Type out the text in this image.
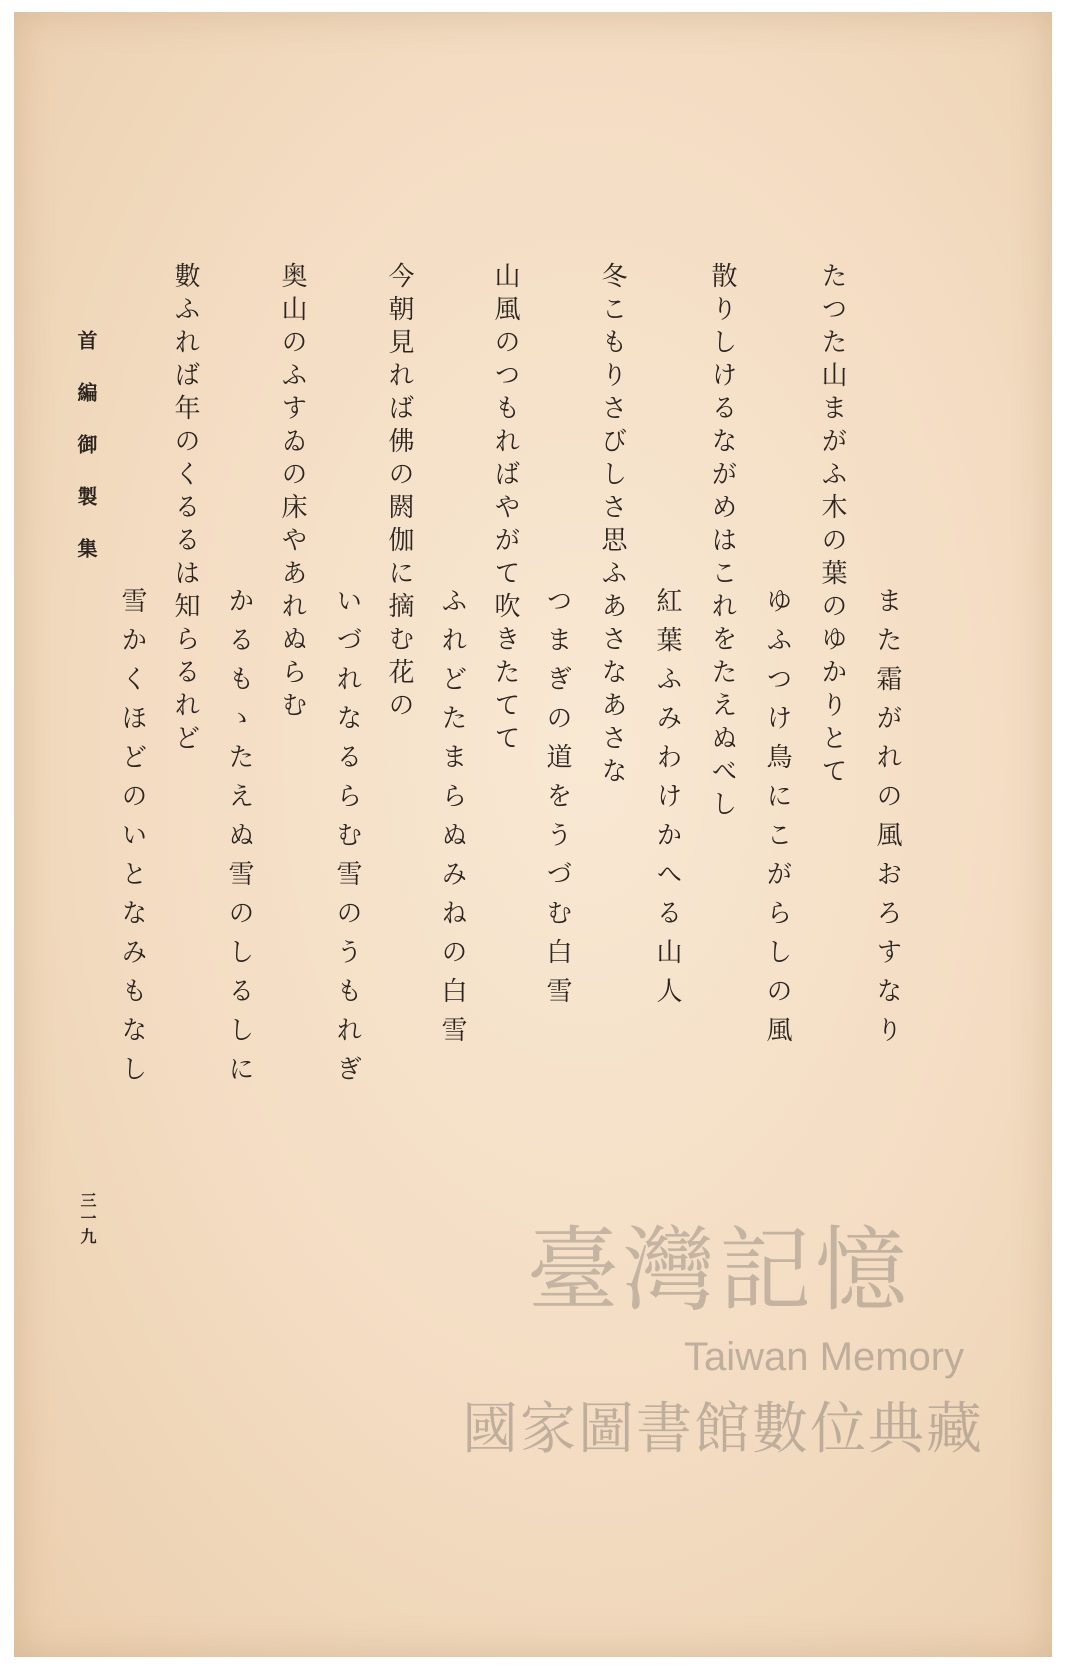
また霜がれの風おろすなり
たつた山まがふ木の葉のゆかりとて
ゆふつけ鳥にこがらしの風
散りしけるながめはこれをたえぬべし
紅葉ふみわけかへる山人
冬こもりさびしさ思ふあさなあさな
つまぎの道をうづむ白雪
山風のつもればやがて吹きたてて
ふれどたまらぬみねの白雪
今朝見れば佛の閼伽に摘む花の
いづれなるらむ雪のうもれぎ
奥山のふすゐの床やあれぬらむ
かるもゝたえぬ雪のしるしに
數ふれば年のくるるは知らるれど
雪かくほどのいとなみもなし
首編御製集
三一九	臺灣記憶
Taiwan Memory
國家圖書館數位典藏
